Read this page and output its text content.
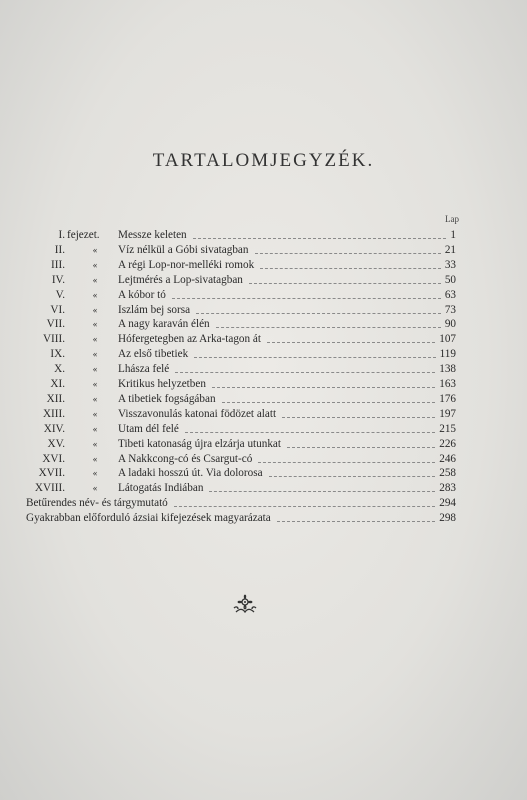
TARTALOMJEGYZÉK.
Lap
I. fejezet. Messze keleten	1
II.	«	Víz nélkül a Góbi sivatagban	21
III.	«	A régi Lop-nor-melléki romok	33
IV.	«	Lejtmérés a Lop-sivatagban	50
V.	«	A kóbor tó	63
VI.	«	Iszlám bej sorsa	73
VII.	«	A nagy karaván élén	90
VIII.	«	Hófergetegben az Arka-tagon át	107
IX.	«	Az első tibetiek	119
X.	«	Lhásza felé	138
XI.	«	Kritikus helyzetben	163
XII.	«	A tibetiek fogságában	176
XIII.	«	Visszavonulás katonai födözet alatt	197
XIV.	«	Utam dél felé	215
XV.	«	Tibeti katonaság újra elzárja utunkat	226
XVI.	«	A Nakkcong-có és Csargut-có	246
XVII.	«	A ladaki hosszú út. Via dolorosa	258
XVIII.	«	Látogatás Indiában	283
Betűrendes név- és tárgymutató	294
Gyakrabban előforduló ázsiai kifejezések magyarázata	298
